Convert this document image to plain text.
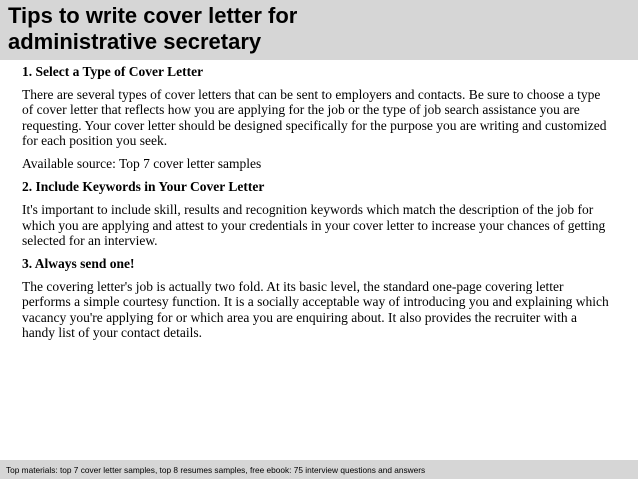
Tips to write cover letter for
administrative secretary

1. Select a Type of Cover Letter

There are several types of cover letters that can be sent to employers and contacts. Be sure to choose a type of cover letter that reflects how you are applying for the job or the type of job search assistance you are requesting. Your cover letter should be designed specifically for the purpose you are writing and customized for each position you seek.

Available source: Top 7 cover letter samples

2. Include Keywords in Your Cover Letter

It's important to include skill, results and recognition keywords which match the description of the job for which you are applying and attest to your credentials in your cover letter to increase your chances of getting selected for an interview.

3. Always send one!

The covering letter's job is actually two fold. At its basic level, the standard one-page covering letter performs a simple courtesy function. It is a socially acceptable way of introducing you and explaining which vacancy you're applying for or which area you are enquiring about. It also provides the recruiter with a handy list of your contact details.

Top materials: top 7 cover letter samples, top 8 resumes samples, free ebook: 75 interview questions and answers
